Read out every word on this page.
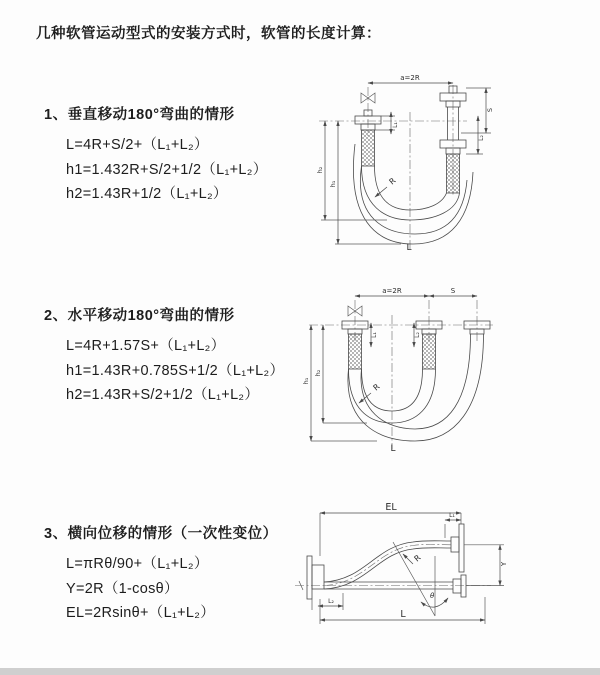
几种软管运动型式的安装方式时，软管的长度计算：
1、垂直移动180°弯曲的情形
L=4R+S/2+（L₁+L₂）
h1=1.432R+S/2+1/2（L₁+L₂）
h2=1.43R+1/2（L₁+L₂）
2、水平移动180°弯曲的情形
L=4R+1.57S+（L₁+L₂）
h1=1.43R+0.785S+1/2（L₁+L₂）
h2=1.43R+S/2+1/2（L₁+L₂）
3、横向位移的情形（一次性变位）
L=πRθ/90+（L₁+L₂）
Y=2R（1-cosθ）
EL=2Rsinθ+（L₁+L₂）
a=2R
R
L
h₂
h₁
L₁
S
L₂
a=2R	S
R
L
h₁
h₂
L₁	L₂
EL
L₁
θ
R
Y
L₂
L
